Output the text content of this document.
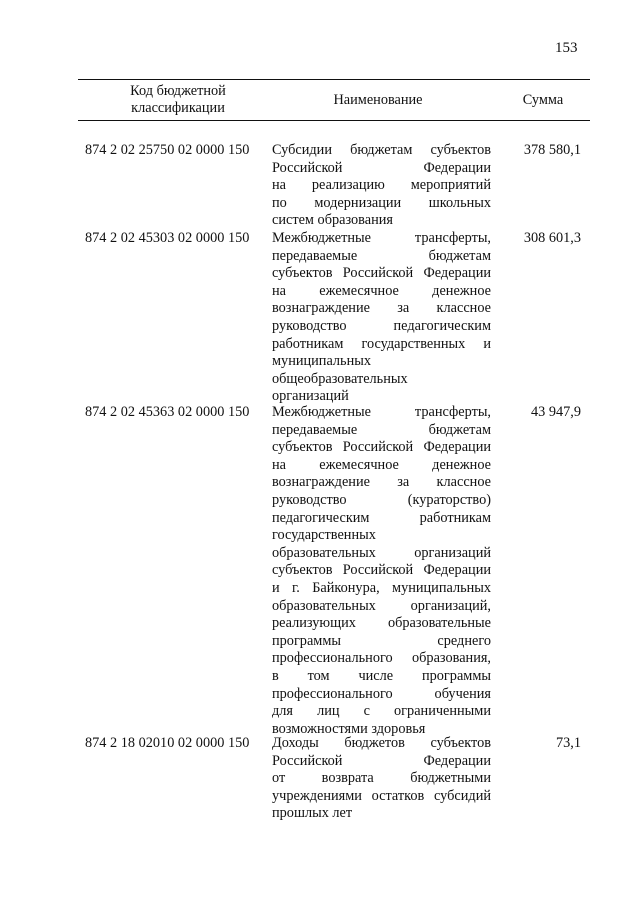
153
Код бюджетной
классификации	Наименование	Сумма
874 2 02 25750 02 0000 150 Субсидии бюджетам субъектов
Российской Федерации
на реализацию мероприятий
по модернизации школьных
систем образования
378 580,1
874 2 02 45303 02 0000 150 Межбюджетные трансферты,
передаваемые бюджетам
субъектов Российской Федерации
на ежемесячное денежное
вознаграждение за классное
руководство педагогическим
работникам государственных и
муниципальных
общеобразовательных
организаций
308 601,3
874 2 02 45363 02 0000 150 Межбюджетные трансферты,
передаваемые бюджетам
субъектов Российской Федерации
на ежемесячное денежное
вознаграждение за классное
руководство (кураторство)
педагогическим работникам
государственных
образовательных организаций
субъектов Российской Федерации
и г. Байконура, муниципальных
образовательных организаций,
реализующих образовательные
программы среднего
профессионального образования,
в том числе программы
профессионального обучения
для лиц с ограниченными
возможностями здоровья
43 947,9
874 2 18 02010 02 0000 150 Доходы бюджетов субъектов
Российской Федерации
от возврата бюджетными
учреждениями остатков субсидий
прошлых лет
73,1
